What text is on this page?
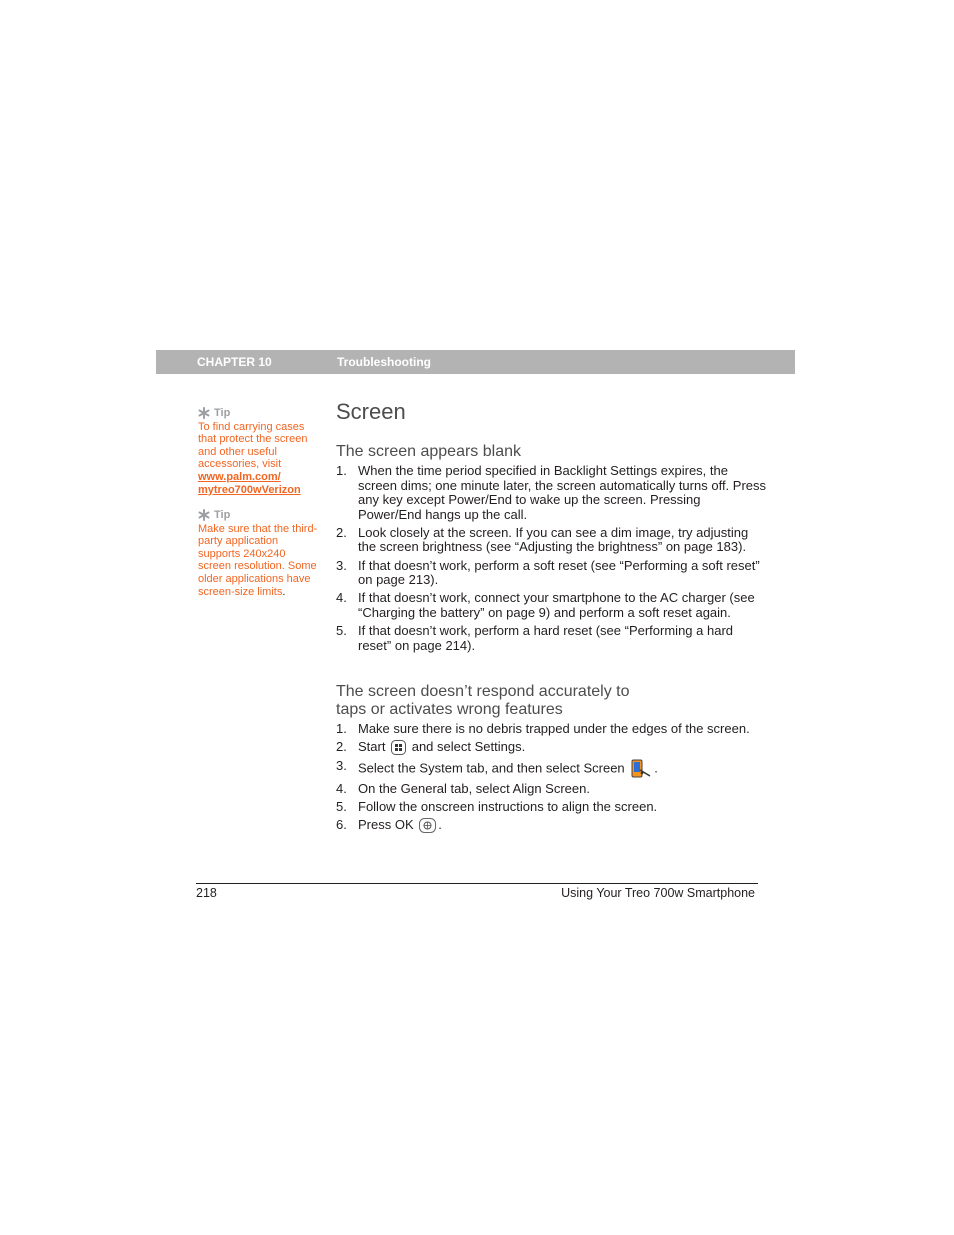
CHAPTER 10	Troubleshooting
Tip
To find carrying cases that protect the screen and other useful accessories, visit
www.palm.com/
mytreo700wVerizon
Tip
Make sure that the third-party application supports 240x240 screen resolution. Some older applications have screen-size limits.
Screen
The screen appears blank
1. When the time period specified in Backlight Settings expires, the screen dims; one minute later, the screen automatically turns off. Press any key except Power/End to wake up the screen. Pressing Power/End hangs up the call.
2. Look closely at the screen. If you can see a dim image, try adjusting the screen brightness (see “Adjusting the brightness” on page 183).
3. If that doesn’t work, perform a soft reset (see “Performing a soft reset” on page 213).
4. If that doesn’t work, connect your smartphone to the AC charger (see “Charging the battery” on page 9) and perform a soft reset again.
5. If that doesn’t work, perform a hard reset (see “Performing a hard reset” on page 214).
The screen doesn’t respond accurately to
taps or activates wrong features
1. Make sure there is no debris trapped under the edges of the screen.
2. Start and select Settings.
3. Select the System tab, and then select Screen .
4. On the General tab, select Align Screen.
5. Follow the onscreen instructions to align the screen.
6. Press OK .
218	Using Your Treo 700w Smartphone
